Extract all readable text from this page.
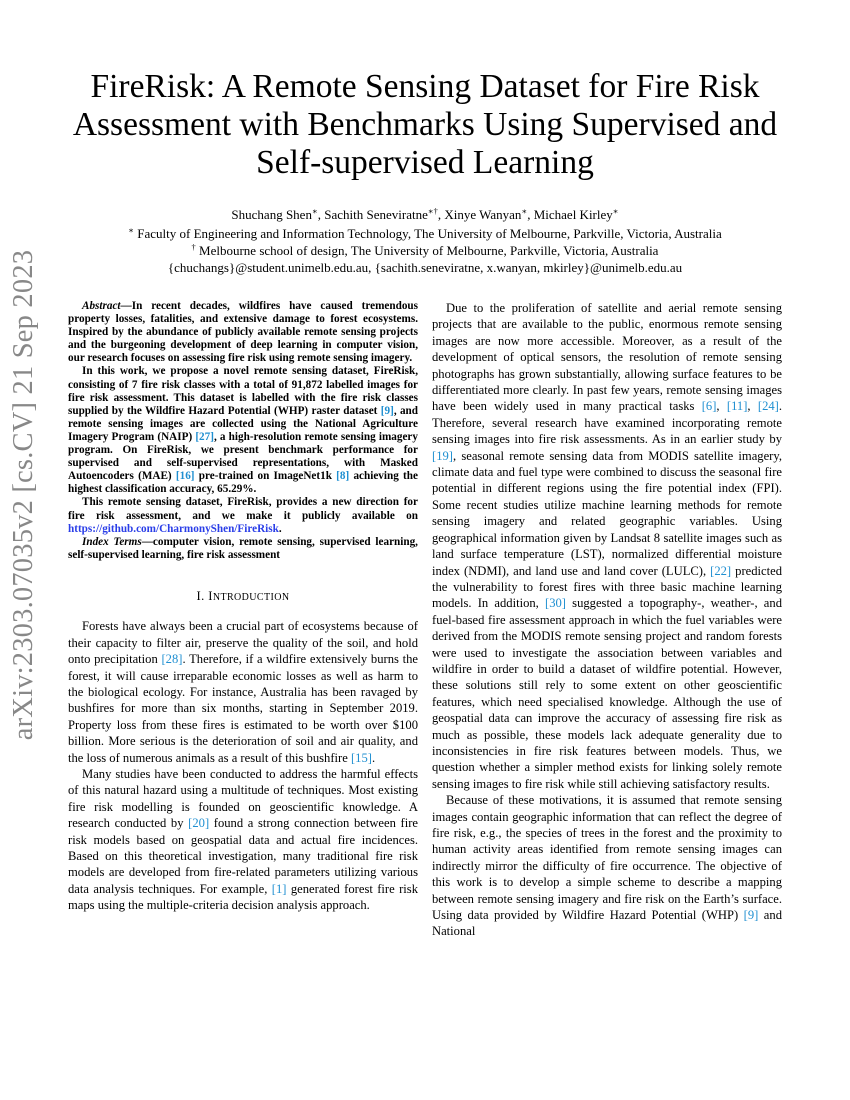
arXiv:2303.07035v2 [cs.CV] 21 Sep 2023
FireRisk: A Remote Sensing Dataset for Fire Risk Assessment with Benchmarks Using Supervised and Self-supervised Learning
Shuchang Shen∗, Sachith Seneviratne∗†, Xinye Wanyan∗, Michael Kirley∗
∗ Faculty of Engineering and Information Technology, The University of Melbourne, Parkville, Victoria, Australia
† Melbourne school of design, The University of Melbourne, Parkville, Victoria, Australia
{chuchangs}@student.unimelb.edu.au, {sachith.seneviratne, x.wanyan, mkirley}@unimelb.edu.au

Abstract—In recent decades, wildfires have caused tremendous property losses, fatalities, and extensive damage to forest ecosystems. Inspired by the abundance of publicly available remote sensing projects and the burgeoning development of deep learning in computer vision, our research focuses on assessing fire risk using remote sensing imagery.

In this work, we propose a novel remote sensing dataset, FireRisk, consisting of 7 fire risk classes with a total of 91,872 labelled images for fire risk assessment. This dataset is labelled with the fire risk classes supplied by the Wildfire Hazard Potential (WHP) raster dataset [9], and remote sensing images are collected using the National Agriculture Imagery Program (NAIP) [27], a high-resolution remote sensing imagery program. On FireRisk, we present benchmark performance for supervised and self-supervised representations, with Masked Autoencoders (MAE) [16] pre-trained on ImageNet1k [8] achieving the highest classification accuracy, 65.29%.

This remote sensing dataset, FireRisk, provides a new direction for fire risk assessment, and we make it publicly available on https://github.com/CharmonyShen/FireRisk.

Index Terms—computer vision, remote sensing, supervised learning, self-supervised learning, fire risk assessment

I. INTRODUCTION

Forests have always been a crucial part of ecosystems because of their capacity to filter air, preserve the quality of the soil, and hold onto precipitation [28]. Therefore, if a wildfire extensively burns the forest, it will cause irreparable economic losses as well as harm to the biological ecology. For instance, Australia has been ravaged by bushfires for more than six months, starting in September 2019. Property loss from these fires is estimated to be worth over $100 billion. More serious is the deterioration of soil and air quality, and the loss of numerous animals as a result of this bushfire [15].

Many studies have been conducted to address the harmful effects of this natural hazard using a multitude of techniques. Most existing fire risk modelling is founded on geoscientific knowledge. A research conducted by [20] found a strong connection between fire risk models based on geospatial data and actual fire incidences. Based on this theoretical investigation, many traditional fire risk models are developed from fire-related parameters utilizing various data analysis techniques. For example, [1] generated forest fire risk maps using the multiple-criteria decision analysis approach.

Due to the proliferation of satellite and aerial remote sensing projects that are available to the public, enormous remote sensing images are now more accessible. Moreover, as a result of the development of optical sensors, the resolution of remote sensing photographs has grown substantially, allowing surface features to be differentiated more clearly. In past few years, remote sensing images have been widely used in many practical tasks [6], [11], [24]. Therefore, several research have examined incorporating remote sensing images into fire risk assessments. As in an earlier study by [19], seasonal remote sensing data from MODIS satellite imagery, climate data and fuel type were combined to discuss the seasonal fire potential in different regions using the fire potential index (FPI). Some recent studies utilize machine learning methods for remote sensing imagery and related geographic variables. Using geographical information given by Landsat 8 satellite images such as land surface temperature (LST), normalized differential moisture index (NDMI), and land use and land cover (LULC), [22] predicted the vulnerability to forest fires with three basic machine learning models. In addition, [30] suggested a topography-, weather-, and fuel-based fire assessment approach in which the fuel variables were derived from the MODIS remote sensing project and random forests were used to investigate the association between variables and wildfire in order to build a dataset of wildfire potential. However, these solutions still rely to some extent on other geoscientific features, which need specialised knowledge. Although the use of geospatial data can improve the accuracy of assessing fire risk as much as possible, these models lack adequate generality due to inconsistencies in fire risk features between models. Thus, we question whether a simpler method exists for linking solely remote sensing images to fire risk while still achieving satisfactory results.

Because of these motivations, it is assumed that remote sensing images contain geographic information that can reflect the degree of fire risk, e.g., the species of trees in the forest and the proximity to human activity areas identified from remote sensing images can indirectly mirror the difficulty of fire occurrence. The objective of this work is to develop a simple scheme to describe a mapping between remote sensing imagery and fire risk on the Earth’s surface. Using data provided by Wildfire Hazard Potential (WHP) [9] and National
